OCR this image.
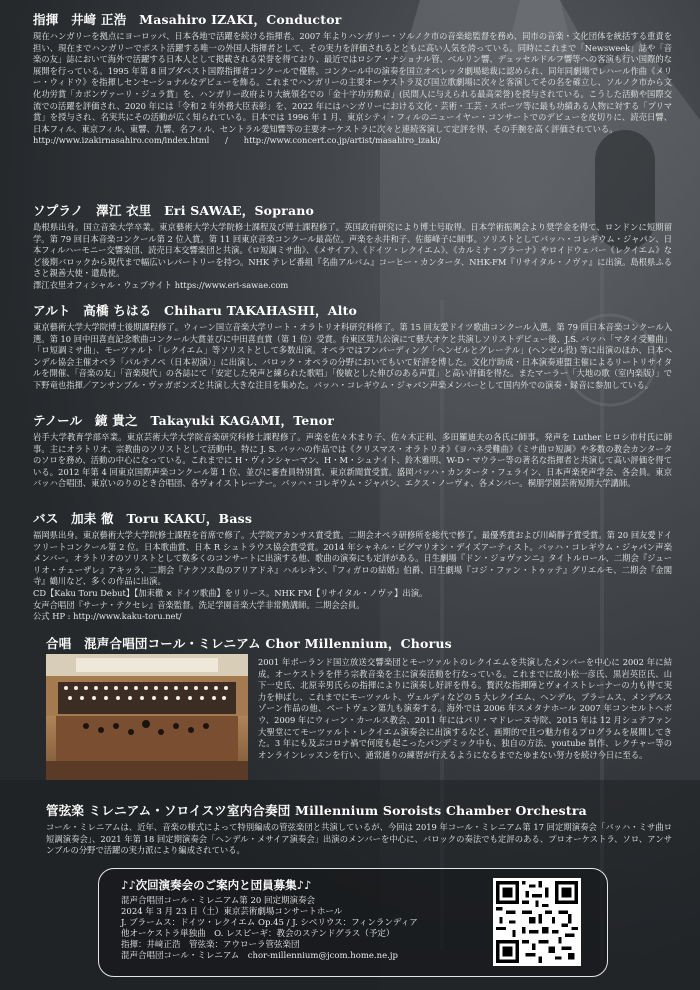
指揮　井﨑 正浩　Masahiro IZAKI，Conductor

現在ハンガリーを拠点にヨーロッパ、日本各地で活躍を続ける指揮者。2007 年よりハンガリー・ソルノク市の音楽総監督を務め、同市の音楽・文化団体を統括する重責を担い、現在までハンガリーでポスト活躍する唯一の外国人指揮者として、その実力を評価されるとともに高い人気を誇っている。同時にこれまで「Newsweek」誌や「音楽の友」誌において海外で活躍する日本人として掲載される栄誉を得ており、最近ではロシア・ナショナル管、ベルリン響、デュッセルドルフ響等への客演も行い国際的な展開を行っている。1995 年第 8 回ブダペスト国際指揮者コンクールで優勝。コンクール中の演奏を国立オペレッタ劇場総裁に認められ、同年同劇場でレハール作曲《メリー・ウィドウ》を指揮しセンセーショナルなデビューを飾る。これまでハンガリーの主要オーケストラ及び国立歌劇場に次々と客演してその名を確立し、ソルノク市から文化功労賞「カポンヴァーリ・ジュラ賞」を、ハンガリー政府より大統領名での「金十字功労勲章」(民間人に与えられる最高栄誉)を授与されている。こうした活動や国際交流での活躍を評価され、2020 年には「令和 2 年外務大臣表彰」を、2022 年にはハンガリーにおける文化・芸術・工芸・スポーツ等に最も功績ある人物に対する「プリマ賞」を授与され、名実共にその活動が広く知られている。日本では 1996 年 1 月、東京シティ・フィルのニューイヤー・コンサートでのデビューを皮切りに、読売日響、日本フィル、東京フィル、東響、九響、名フィル、セントラル愛知響等の主要オーケストラに次々と連続客演して定評を得、その手腕を高く評価されている。

http://www.izakirnasahiro.com/index.html / http://www.concert.co.jp/artist/masahiro_izaki/

ソプラノ　澤江 衣里　Eri SAWAE，Soprano

島根県出身。国立音楽大学卒業。東京藝術大学大学院修士課程及び博士課程修了。英国政府研究により博士号取得。日本学術振興会より奨学金を得て、ロンドンに短期留学。第 79 回日本音楽コンクール第 2 位入賞。第 11 回東京音楽コンクール最高位。声楽を永井和子、佐藤峰子に師事。ソリストとしてバッハ・コレギウム・ジャパン、日本フィルハーモニー交響楽団、読売日本交響楽団と共演。《ロ短調ミサ曲》、《メサイア》、《ドイツ・レクイエム》、《カルミナ・ブラーナ》やロイドウェバー《レクイエム》など後期バロックから現代まで幅広いレパートリーを持つ。NHK テレビ番組『名曲アルバム』コーヒー・カンタータ、NHK-FM『リサイタル・ノヴァ』に出演。島根県ふるさと親善大使・遣島使。

澤江衣里オフィシャル・ウェブサイト https://www.eri-sawae.com

アルト　高橋 ちはる　Chiharu TAKAHASHI，Alto

東京藝術大学大学院博士後期課程修了。ウィーン国立音楽大学リート・オラトリオ科研究科修了。第 15 回友愛ドイツ歌曲コンクール入選。第 79 回日本音楽コンクール入選。第 10 回中田喜直記念歌曲コンクール大賞並びに中田喜直賞（第 1 位）受賞。台東区第九公演にて藝大オケと共演しソリストデビュー後、J.S. バッハ「マタイ受難曲」「ロ短調ミサ曲」、モーツァルト「レクイエム」等ソリストとして多数出演。オペラではフンパーディング「ヘンゼルとグレーテル」(ヘンゼル役) 等に出演のほか、日本ヘンデル協会主催オペラ「パルテノペ（日本初演）」に出演し、バロック・オペラの分野においてもいて好評を博した。文化庁助成・日本演奏連盟主催によるリートリサイタルを開催、「音楽の友」「音楽現代」の各誌にて「安定した発声と練られた歌唱」「俊敏とした伸びのある声質」と高い評価を得た。またマーラー「大地の歌（室内楽版）」で下野竜也指揮／アンサンブル・ヴァガボンズと共演し大きな注目を集めた。バッハ・コレギウム・ジャパン声楽メンバーとして国内外での演奏・録音に参加している。

テノール　鏡 貴之　Takayuki KAGAMI，Tenor

岩手大学教育学部卒業。東京芸術大学大学院音楽研究科修士課程修了。声楽を佐々木まり子、佐々木正利、多田羅迪夫の各氏に師事。発声を Luther ヒロシ市村氏に師事。主にオラトリオ、宗教曲のソリストとして活動中。特に J. S. バッハの作品では《クリスマス・オラトリオ》《ヨハネ受難曲》《ミサ曲ロ短調》や多数の教会カンタータのソロを務め、活動の中心になっている。これまでに H・ヴィンシャーマン、H・M・シュナイト、鈴木雅明、W-D・マウラー等の著名な指揮者と共演して高い評価を得ている。2012 年第 4 回東京国際声楽コンクール第 1 位、並びに審査員特別賞、東京新聞賞受賞。盛岡バッハ・カンタータ・フェライン、日本声楽発声学会、各会員。東京バッハ合唱団、東京いのりのとき合唱団、各ヴォイストレーナー。バッハ・コレギウム・ジャパン、エクス・ノーヴォ、各メンバー。桐朋学園芸術短期大学講師。

バス　加耒 徹　Toru KAKU，Bass

福岡県出身。東京藝術大学大学院修士課程を首席で修了。大学院アカンサス賞受賞。二期会オペラ研修所を総代で修了。最優秀賞および川崎靜子賞受賞。第 20 回友愛ドイツリートコンクール第 2 位。日本歌曲賞、日本 R シュトラウス協会賞受賞。2014 年シャネル・ピグマリオン・デイズアーティスト。バッハ・コレギウム・ジャパン声楽メンバー。オラトリオのソリストとして数多くのコンサートに出演する他、歌曲の演奏にも定評がある。日生劇場『ドン・ジョヴァンニ』タイトルロール、二期会『ジューリオ・チェーザレ』アキッラ、二期会『ナクソス島のアリアドネ』ハルレキン、『フィガロの結婚』伯爵、日生劇場『コジ・ファン・トゥッテ』グリエルモ、二期会『金閣寺』鶴川など、多くの作品に出演。

CD【Kaku Toru Debut】【加耒徹 × ドイツ歌曲】をリリース。NHK FM【リサイタル・ノヴァ】出演。

女声合唱団『サーナ・テクセレ』音楽監督。洗足学園音楽大学非常勤講師。二期会会員。

公式 HP : http://www.kaku-toru.net/

合唱　混声合唱団コール・ミレニアム Chor Millennium，Chorus

2001 年ポーランド国立放送交響楽団とモーツァルトのレクイエムを共演したメンバーを中心に 2002 年に結成。オーケストラを伴う宗教音楽を主に演奏活動を行なっている。これまでに故小松一彦氏、黒岩英臣氏、山下一史氏、北原幸男氏らの指揮によりに演奏し好評を得る。贅沢な指揮陣とヴォイストレーナーの力も得て実力を伸ばし、これまでにモーツァルト、ヴェルディなどの 5 大レクイエム、ヘンデル、ブラームス、メンデルスゾーン作品の他、ベートヴェン第九も演奏する。海外では 2006 年スメタナホール 2007 年コンセルトヘボウ、2009 年にウィーン・カールス教会、2011 年にはパリ・マドレーヌ寺院、2015 年は 12 月シュテファン大聖堂にてモーツァルト・レクイエム演奏会に出演するなど、画期的で且つ魅力有るプログラムを展開してきた。3 年にも及ぶコロナ禍で何度も起こったパンデミック中も、独自の方法、youtube 制作、レクチャー等のオンラインレッスンを行い、通常通りの練習が行えるようになるまでたゆまない努力を続け今日に至る。

管弦楽 ミレニアム・ソロイスツ室内合奏団 Millennium Soroists Chamber Orchestra

コール・ミレニアムは、近年、音楽の様式によって特別編成の管弦楽団と共演しているが、今回は 2019 年コール・ミレニアム第 17 回定期演奏会「バッハ・ミサ曲ロ短調演奏会」、2021 年第 18 回定期演奏会「ヘンデル・メサイア演奏会」出演のメンバーを中心に、バロックの奏法でも定評のある、プロオーケストラ、ソロ、アンサンブルの分野で活躍の実力派により編成されている。

♪♪次回演奏会のご案内と団員募集♪♪

混声合唱団コール・ミレニアム第 20 回定期演奏会

2024 年 3 月 23 日（土）東京芸術劇場コンサートホール

J. ブラームス：ドイツ・レクイエム Op.45 / J. シベリウス：フィンランディア

他オーケストラ単独曲　O. レスピーギ：教会のステンドグラス（予定）

指揮：井﨑正浩　管弦楽：アウローラ管弦楽団

混声合唱団コール・ミレニアム　chor-millennium@jcom.home.ne.jp
